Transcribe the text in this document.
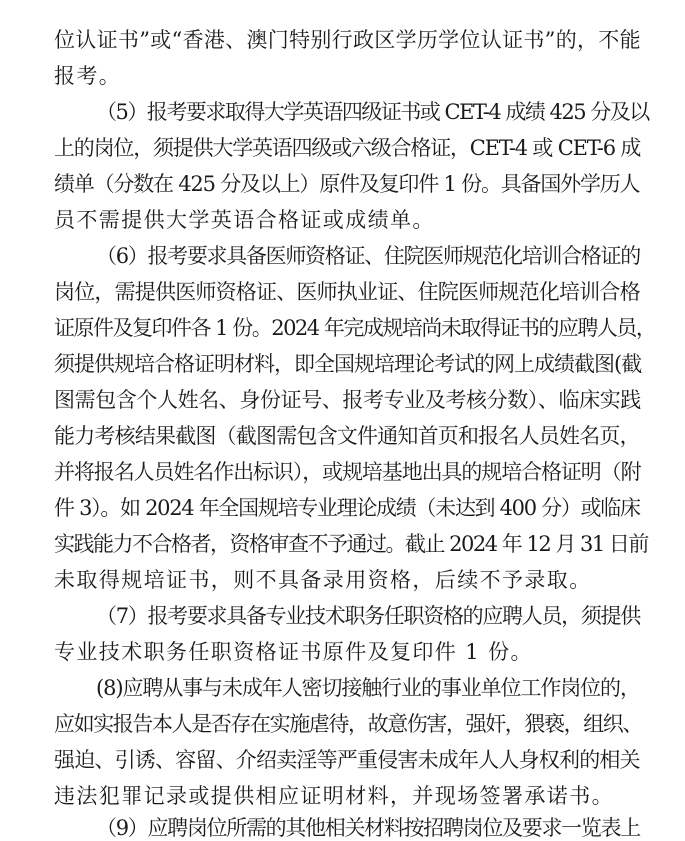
位认证书”或“香港、澳门特别行政区学历学位认证书”的，不能
报考。
（5）报考要求取得大学英语四级证书或 CET-4 成绩 425 分及以
上的岗位，须提供大学英语四级或六级合格证，CET-4 或 CET-6 成
绩单（分数在 425 分及以上）原件及复印件 1 份。具备国外学历人
员不需提供大学英语合格证或成绩单。
（6）报考要求具备医师资格证、住院医师规范化培训合格证的
岗位，需提供医师资格证、医师执业证、住院医师规范化培训合格
证原件及复印件各 1 份。2024 年完成规培尚未取得证书的应聘人员，
须提供规培合格证明材料，即全国规培理论考试的网上成绩截图(截
图需包含个人姓名、身份证号、报考专业及考核分数）、临床实践
能力考核结果截图（截图需包含文件通知首页和报名人员姓名页，
并将报名人员姓名作出标识），或规培基地出具的规培合格证明（附
件 3）。如 2024 年全国规培专业理论成绩（未达到 400 分）或临床
实践能力不合格者，资格审查不予通过。截止 2024 年 12 月 31 日前
未取得规培证书，则不具备录用资格，后续不予录取。
（7）报考要求具备专业技术职务任职资格的应聘人员，须提供
专业技术职务任职资格证书原件及复印件 1 份。
(8)应聘从事与未成年人密切接触行业的事业单位工作岗位的，
应如实报告本人是否存在实施虐待，故意伤害，强奸，猥亵，组织、
强迫、引诱、容留、介绍卖淫等严重侵害未成年人人身权利的相关
违法犯罪记录或提供相应证明材料，并现场签署承诺书。
（9）应聘岗位所需的其他相关材料按招聘岗位及要求一览表上
